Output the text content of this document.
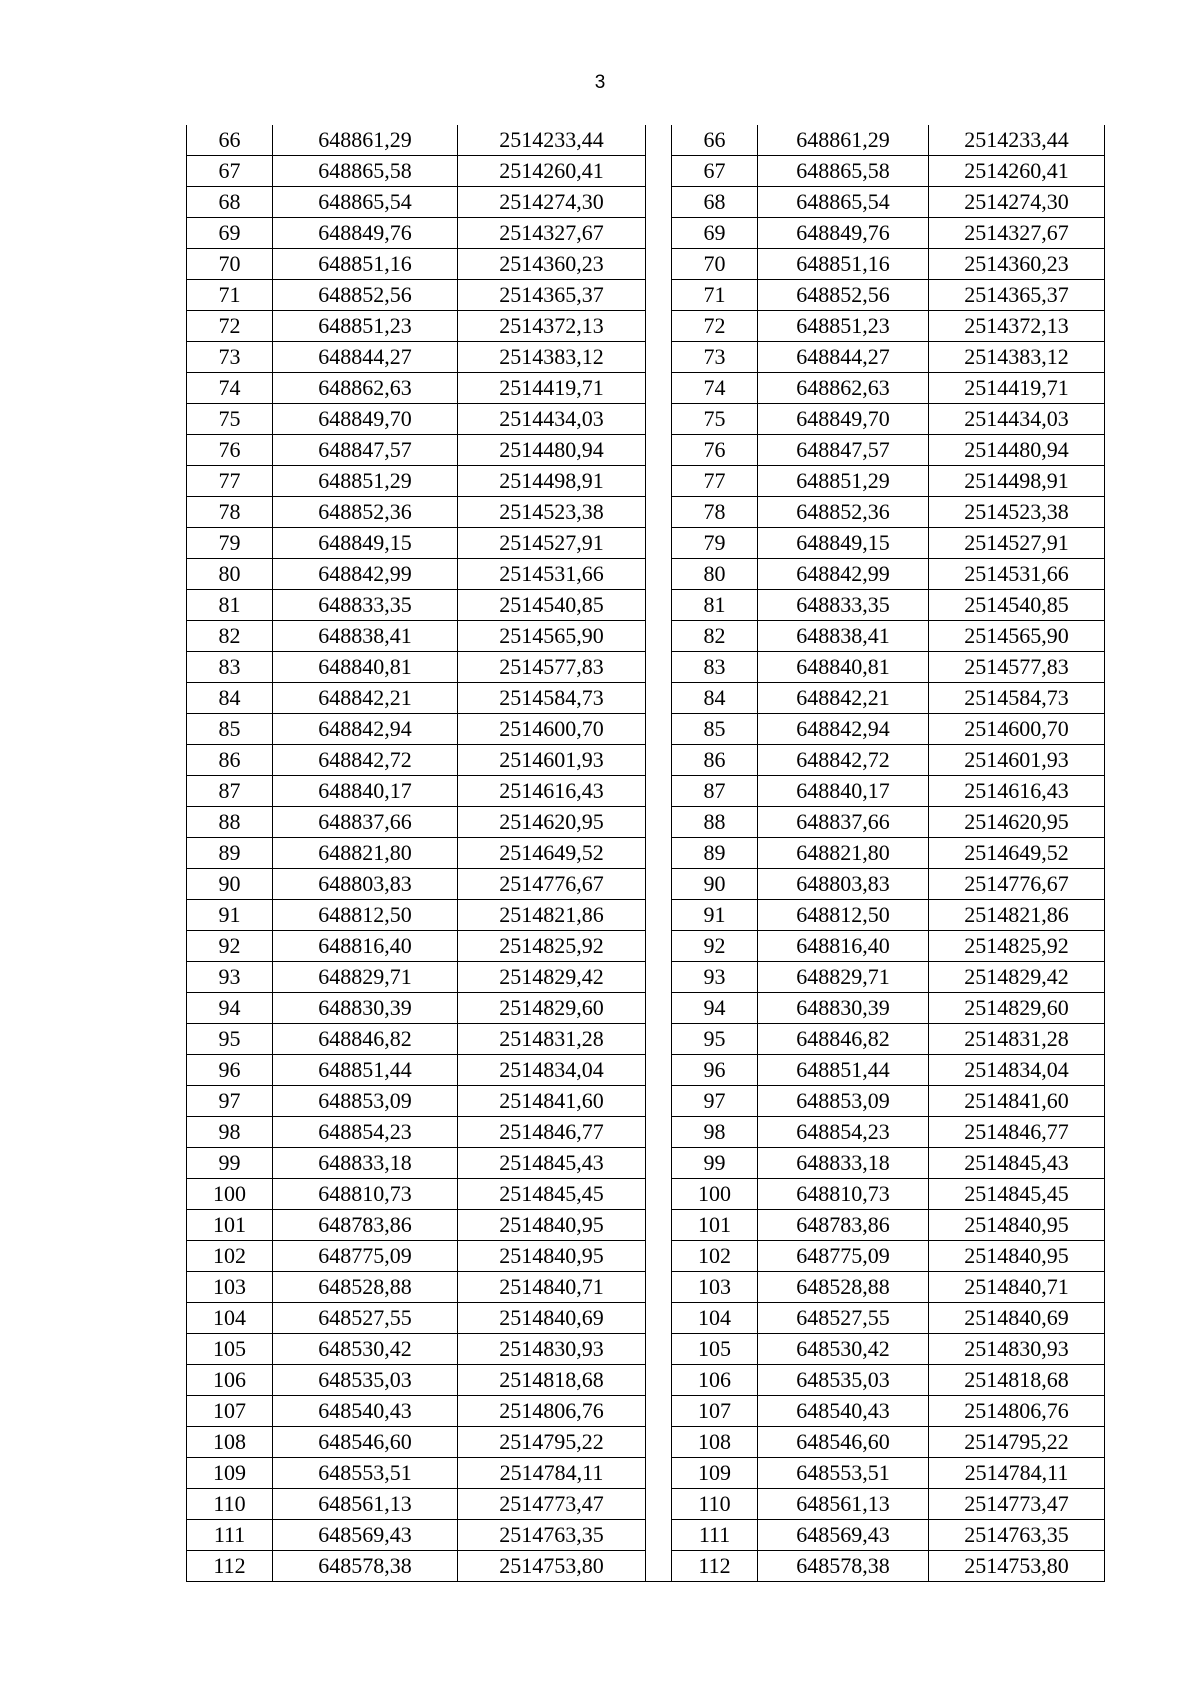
3
66	648861,29	2514233,44		66	648861,29	2514233,44
67	648865,58	2514260,41		67	648865,58	2514260,41
68	648865,54	2514274,30		68	648865,54	2514274,30
69	648849,76	2514327,67		69	648849,76	2514327,67
70	648851,16	2514360,23		70	648851,16	2514360,23
71	648852,56	2514365,37		71	648852,56	2514365,37
72	648851,23	2514372,13		72	648851,23	2514372,13
73	648844,27	2514383,12		73	648844,27	2514383,12
74	648862,63	2514419,71		74	648862,63	2514419,71
75	648849,70	2514434,03		75	648849,70	2514434,03
76	648847,57	2514480,94		76	648847,57	2514480,94
77	648851,29	2514498,91		77	648851,29	2514498,91
78	648852,36	2514523,38		78	648852,36	2514523,38
79	648849,15	2514527,91		79	648849,15	2514527,91
80	648842,99	2514531,66		80	648842,99	2514531,66
81	648833,35	2514540,85		81	648833,35	2514540,85
82	648838,41	2514565,90		82	648838,41	2514565,90
83	648840,81	2514577,83		83	648840,81	2514577,83
84	648842,21	2514584,73		84	648842,21	2514584,73
85	648842,94	2514600,70		85	648842,94	2514600,70
86	648842,72	2514601,93		86	648842,72	2514601,93
87	648840,17	2514616,43		87	648840,17	2514616,43
88	648837,66	2514620,95		88	648837,66	2514620,95
89	648821,80	2514649,52		89	648821,80	2514649,52
90	648803,83	2514776,67		90	648803,83	2514776,67
91	648812,50	2514821,86		91	648812,50	2514821,86
92	648816,40	2514825,92		92	648816,40	2514825,92
93	648829,71	2514829,42		93	648829,71	2514829,42
94	648830,39	2514829,60		94	648830,39	2514829,60
95	648846,82	2514831,28		95	648846,82	2514831,28
96	648851,44	2514834,04		96	648851,44	2514834,04
97	648853,09	2514841,60		97	648853,09	2514841,60
98	648854,23	2514846,77		98	648854,23	2514846,77
99	648833,18	2514845,43		99	648833,18	2514845,43
100	648810,73	2514845,45		100	648810,73	2514845,45
101	648783,86	2514840,95		101	648783,86	2514840,95
102	648775,09	2514840,95		102	648775,09	2514840,95
103	648528,88	2514840,71		103	648528,88	2514840,71
104	648527,55	2514840,69		104	648527,55	2514840,69
105	648530,42	2514830,93		105	648530,42	2514830,93
106	648535,03	2514818,68		106	648535,03	2514818,68
107	648540,43	2514806,76		107	648540,43	2514806,76
108	648546,60	2514795,22		108	648546,60	2514795,22
109	648553,51	2514784,11		109	648553,51	2514784,11
110	648561,13	2514773,47		110	648561,13	2514773,47
111	648569,43	2514763,35		111	648569,43	2514763,35
112	648578,38	2514753,80		112	648578,38	2514753,80
